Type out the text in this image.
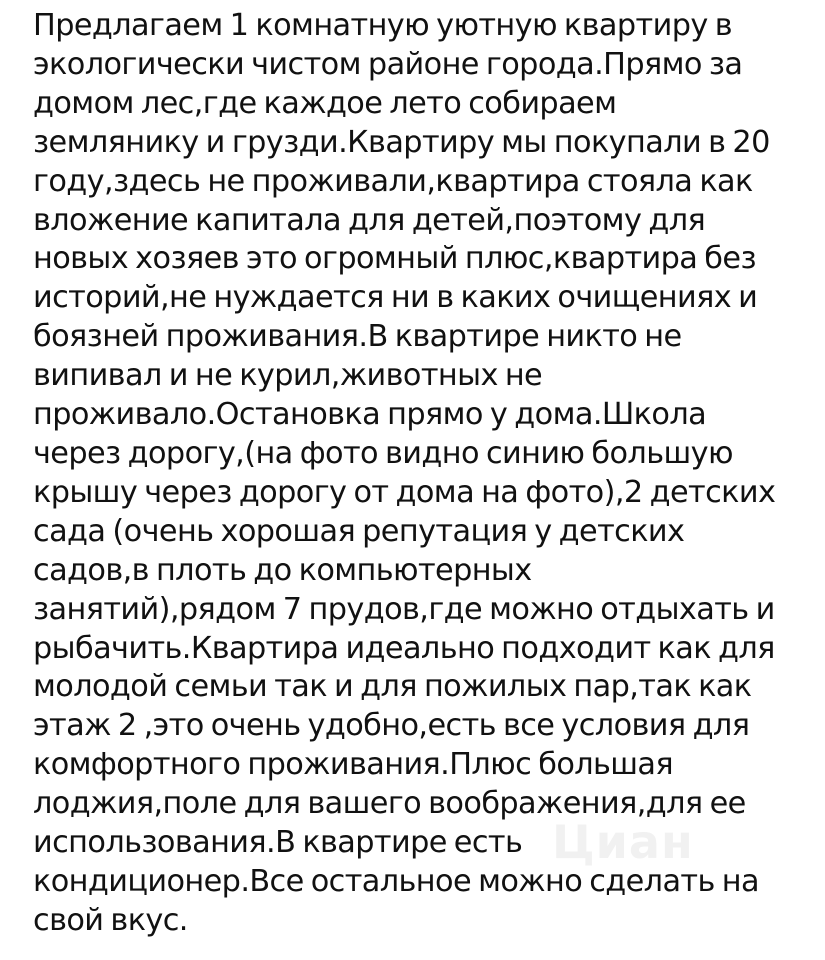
Циан
Предлагаем 1 комнатную уютную квартиру в
экологически чистом районе города.Прямо за
домом лес,где каждое лето собираем
землянику и грузди.Квартиру мы покупали в 20
году,здесь не проживали,квартира стояла как
вложение капитала для детей,поэтому для
новых хозяев это огромный плюс,квартира без
историй,не нуждается ни в каких очищениях и
боязней проживания.В квартире никто не
випивал и не курил,животных не
проживало.Остановка прямо у дома.Школа
через дорогу,(на фото видно синию большую
крышу через дорогу от дома на фото),2 детских
сада (очень хорошая репутация у детских
садов,в плоть до компьютерных
занятий),рядом 7 прудов,где можно отдыхать и
рыбачить.Квартира идеально подходит как для
молодой семьи так и для пожилых пар,так как
этаж 2 ,это очень удобно,есть все условия для
комфортного проживания.Плюс большая
лоджия,поле для вашего воображения,для ее
использования.В квартире есть
кондиционер.Все остальное можно сделать на
свой вкус.
